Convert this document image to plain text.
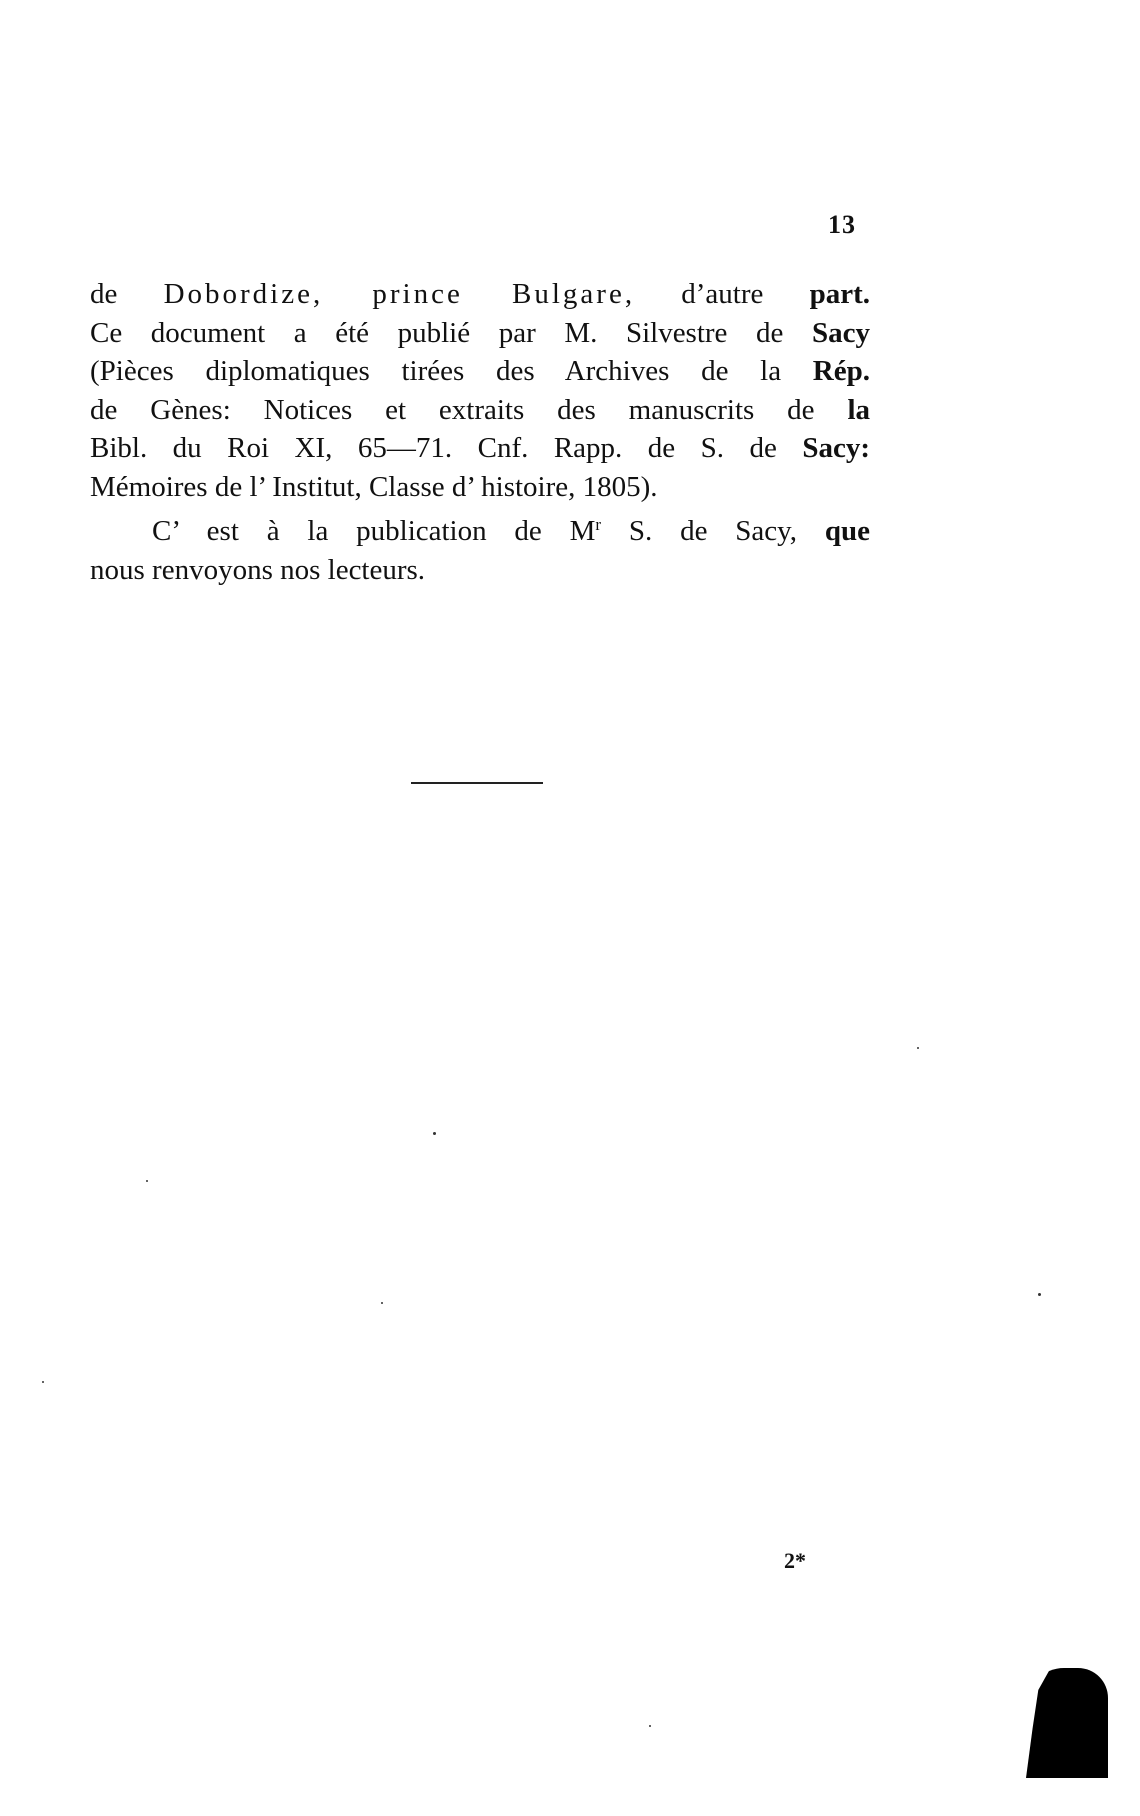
13
de Dobordize, prince Bulgare, d’autre part.
Ce document a été publié par M. Silvestre de Sacy
(Pièces diplomatiques tirées des Archives de la Rép.
de Gènes: Notices et extraits des manuscrits de la
Bibl. du Roi XI, 65—71. Cnf. Rapp. de S. de Sacy:
Mémoires de l’ Institut, Classe d’ histoire, 1805).
C’ est à la publication de $M^r$ S. de Sacy, que
nous renvoyons nos lecteurs.
2*
